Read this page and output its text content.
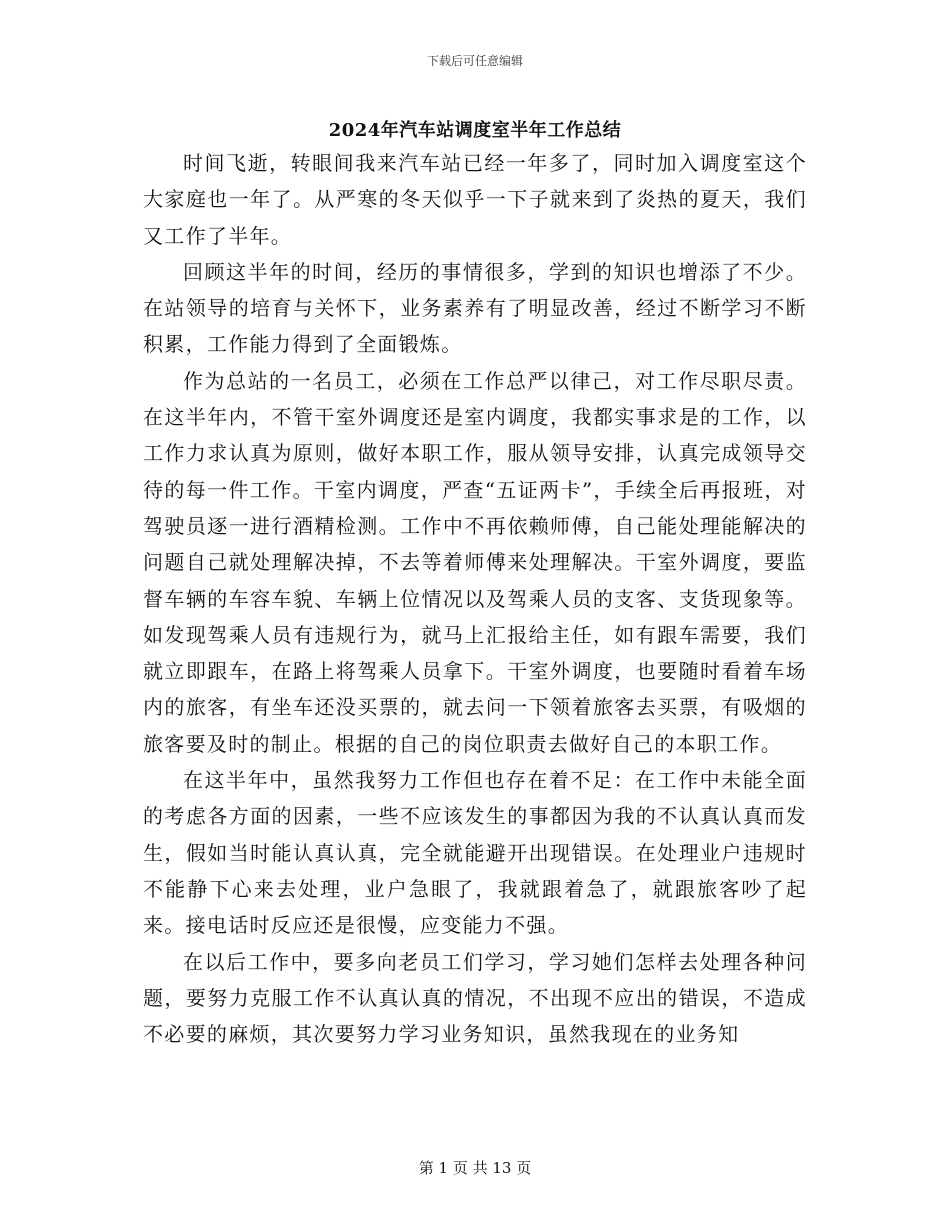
下载后可任意编辑
2024年汽车站调度室半年工作总结

时间飞逝，转眼间我来汽车站已经一年多了，同时加入调度室这个大家庭也一年了。从严寒的冬天似乎一下子就来到了炎热的夏天，我们又工作了半年。

回顾这半年的时间，经历的事情很多，学到的知识也增添了不少。在站领导的培育与关怀下，业务素养有了明显改善，经过不断学习不断积累，工作能力得到了全面锻炼。

作为总站的一名员工，必须在工作总严以律己，对工作尽职尽责。在这半年内，不管干室外调度还是室内调度，我都实事求是的工作，以工作力求认真为原则，做好本职工作，服从领导安排，认真完成领导交待的每一件工作。干室内调度，严查“五证两卡”，手续全后再报班，对驾驶员逐一进行酒精检测。工作中不再依赖师傅，自己能处理能解决的问题自己就处理解决掉，不去等着师傅来处理解决。干室外调度，要监督车辆的车容车貌、车辆上位情况以及驾乘人员的支客、支货现象等。如发现驾乘人员有违规行为，就马上汇报给主任，如有跟车需要，我们就立即跟车，在路上将驾乘人员拿下。干室外调度，也要随时看着车场内的旅客，有坐车还没买票的，就去问一下领着旅客去买票，有吸烟的旅客要及时的制止。根据的自己的岗位职责去做好自己的本职工作。

在这半年中，虽然我努力工作但也存在着不足：在工作中未能全面的考虑各方面的因素，一些不应该发生的事都因为我的不认真认真而发生，假如当时能认真认真，完全就能避开出现错误。在处理业户违规时不能静下心来去处理，业户急眼了，我就跟着急了，就跟旅客吵了起来。接电话时反应还是很慢，应变能力不强。

在以后工作中，要多向老员工们学习，学习她们怎样去处理各种问题，要努力克服工作不认真认真的情况，不出现不应出的错误，不造成不必要的麻烦，其次要努力学习业务知识，虽然我现在的业务知

第 1 页 共 13 页
